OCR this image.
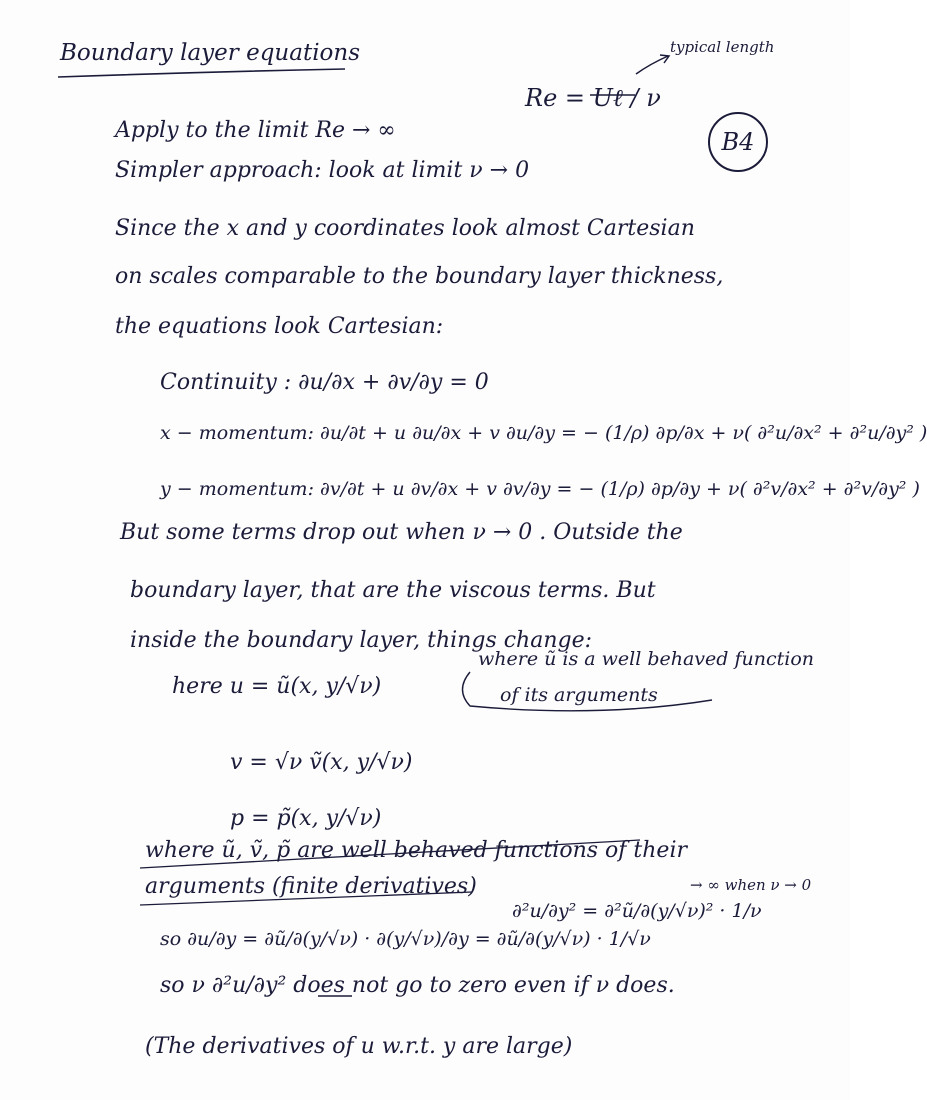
Boundary layer equations	typical length
Re = Uℓ / ν
B4
Apply to the limit Re → ∞
Simpler approach: look at limit ν → 0
Since the x and y coordinates look almost Cartesian
on scales comparable to the boundary layer thickness,
the equations look Cartesian:
Continuity : ∂u/∂x + ∂v/∂y = 0
x − momentum: ∂u/∂t + u ∂u/∂x + v ∂u/∂y = − (1/ρ) ∂p/∂x + ν( ∂²u/∂x² + ∂²u/∂y² )
y − momentum: ∂v/∂t + u ∂v/∂x + v ∂v/∂y = − (1/ρ) ∂p/∂y + ν( ∂²v/∂x² + ∂²v/∂y² )
But some terms drop out when ν → 0 . Outside the
boundary layer, that are the viscous terms. But
inside the boundary layer, things change:
here u = ũ(x, y/√ν)
where ũ is a well behaved function
of its arguments
v = √ν ṽ(x, y/√ν)
p = p̃(x, y/√ν)
where ũ, ṽ, p̃ are well behaved functions of their
arguments (finite derivatives)
so ∂u/∂y = ∂ũ/∂(y/√ν) · ∂(y/√ν)/∂y = ∂ũ/∂(y/√ν) · 1/√ν
∂²u/∂y² = ∂²ũ/∂(y/√ν)² · 1/ν
→ ∞ when ν → 0
so ν ∂²u/∂y² does not go to zero even if ν does.
(The derivatives of u w.r.t. y are large)
